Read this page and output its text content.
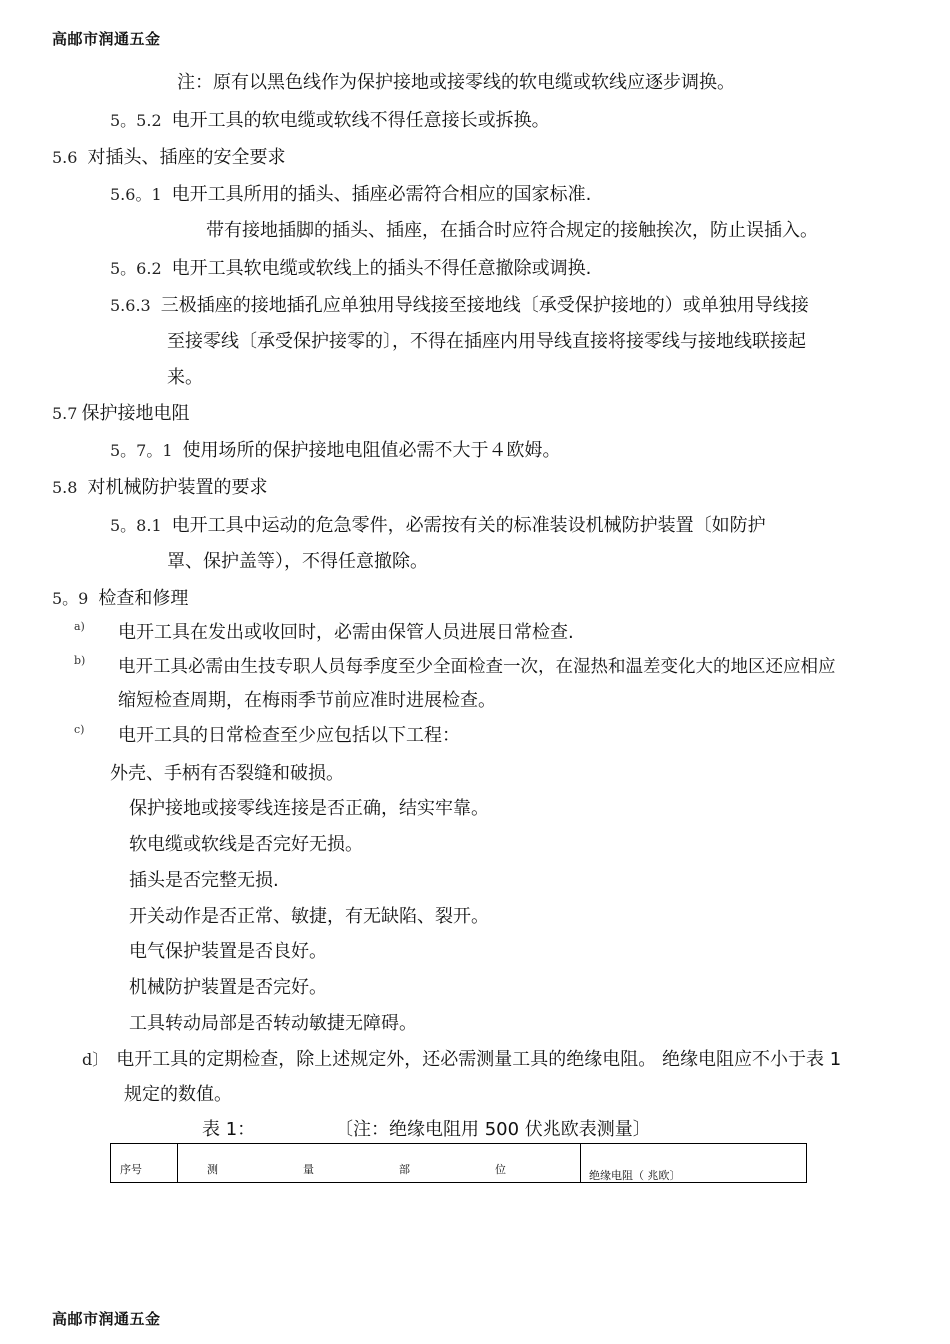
高邮市润通五金
注：原有以黑色线作为保护接地或接零线的软电缆或软线应逐步调换。
5。5.2 电开工具的软电缆或软线不得任意接长或拆换。
5.6 对插头、插座的安全要求
5.6。1 电开工具所用的插头、插座必需符合相应的国家标准.
带有接地插脚的插头、插座，在插合时应符合规定的接触挨次，防止误插入。
5。6.2 电开工具软电缆或软线上的插头不得任意撤除或调换.
5.6.3 三极插座的接地插孔应单独用导线接至接地线〔承受保护接地的）或单独用导线接
至接零线〔承受保护接零的〕，不得在插座内用导线直接将接零线与接地线联接起
来。
5.7 保护接地电阻
5。7。1 使用场所的保护接地电阻值必需不大于４欧姆。
5.8 对机械防护装置的要求
5。8.1 电开工具中运动的危急零件，必需按有关的标准装设机械防护装置〔如防护
罩、保护盖等），不得任意撤除。
5。9 检查和修理
a) 电开工具在发出或收回时，必需由保管人员进展日常检查.
b) 电开工具必需由生技专职人员每季度至少全面检查一次，在湿热和温差变化大的地区还应相应
缩短检查周期，在梅雨季节前应准时进展检查。
c) 电开工具的日常检查至少应包括以下工程：
外壳、手柄有否裂缝和破损。
保护接地或接零线连接是否正确，结实牢靠。
软电缆或软线是否完好无损。
插头是否完整无损.
开关动作是否正常、敏捷，有无缺陷、裂开。
电气保护装置是否良好。
机械防护装置是否完好。
工具转动局部是否转动敏捷无障碍。
d〕 电开工具的定期检查，除上述规定外，还必需测量工具的绝缘电阻。 绝缘电阻应不小于表 1
规定的数值。
表 1：	〔注：绝缘电阻用 500 伏兆欧表测量〕
序号	测	量	部	位	绝缘电阻（ 兆欧〕
高邮市润通五金
